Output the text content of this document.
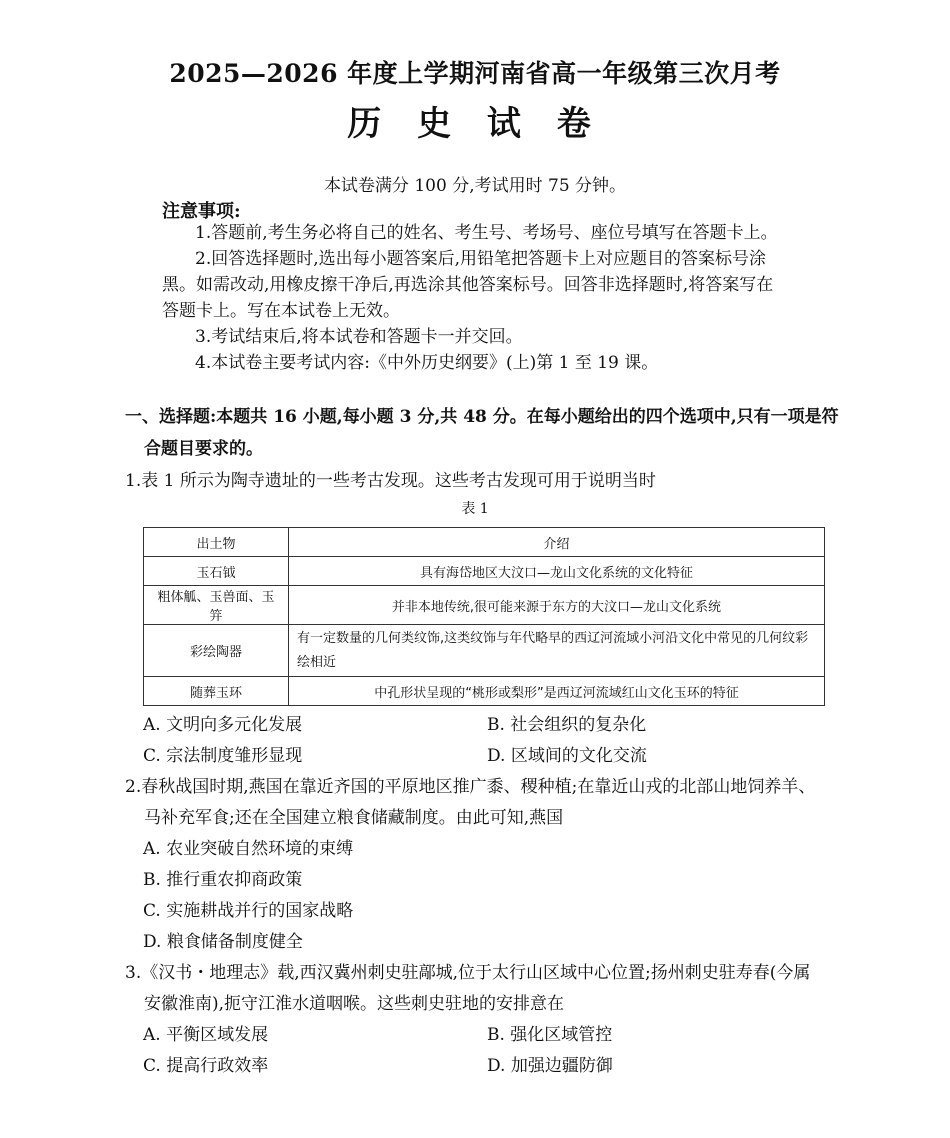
2025—2026 年度上学期河南省高一年级第三次月考
历 史 试 卷
本试卷满分 100 分,考试用时 75 分钟。
注意事项:
1.答题前,考生务必将自己的姓名、考生号、考场号、座位号填写在答题卡上。
2.回答选择题时,选出每小题答案后,用铅笔把答题卡上对应题目的答案标号涂
黑。如需改动,用橡皮擦干净后,再选涂其他答案标号。回答非选择题时,将答案写在
答题卡上。写在本试卷上无效。
3.考试结束后,将本试卷和答题卡一并交回。
4.本试卷主要考试内容:《中外历史纲要》(上)第 1 至 19 课。
一、选择题:本题共 16 小题,每小题 3 分,共 48 分。在每小题给出的四个选项中,只有一项是符
合题目要求的。
1.表 1 所示为陶寺遗址的一些考古发现。这些考古发现可用于说明当时
表 1
出土物	介绍
玉石钺	具有海岱地区大汶口—龙山文化系统的文化特征
粗体觚、玉兽面、玉笄	并非本地传统,很可能来源于东方的大汶口—龙山文化系统
彩绘陶器	有一定数量的几何类纹饰,这类纹饰与年代略早的西辽河流域小河沿文化中常见的几何纹彩绘相近
随葬玉环	中孔形状呈现的“桃形或梨形”是西辽河流域红山文化玉环的特征
A. 文明向多元化发展	B. 社会组织的复杂化
C. 宗法制度雏形显现	D. 区域间的文化交流
2.春秋战国时期,燕国在靠近齐国的平原地区推广黍、稷种植;在靠近山戎的北部山地饲养羊、
马补充军食;还在全国建立粮食储藏制度。由此可知,燕国
A. 农业突破自然环境的束缚
B. 推行重农抑商政策
C. 实施耕战并行的国家战略
D. 粮食储备制度健全
3.《汉书・地理志》载,西汉冀州刺史驻鄗城,位于太行山区域中心位置;扬州刺史驻寿春(今属
安徽淮南),扼守江淮水道咽喉。这些刺史驻地的安排意在
A. 平衡区域发展	B. 强化区域管控
C. 提高行政效率	D. 加强边疆防御
